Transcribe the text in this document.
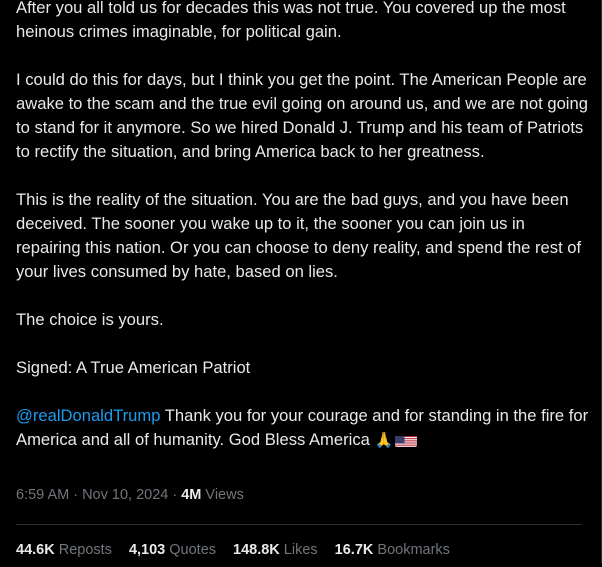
After you all told us for decades this was not true. You covered up the most heinous crimes imaginable, for political gain.

I could do this for days, but I think you get the point. The American People are awake to the scam and the true evil going on around us, and we are not going to stand for it anymore. So we hired Donald J. Trump and his team of Patriots to rectify the situation, and bring America back to her greatness.

This is the reality of the situation. You are the bad guys, and you have been deceived. The sooner you wake up to it, the sooner you can join us in repairing this nation. Or you can choose to deny reality, and spend the rest of your lives consumed by hate, based on lies.

The choice is yours.

Signed: A True American Patriot

@realDonaldTrump Thank you for your courage and for standing in the fire for America and all of humanity. God Bless America 🙏

6:59 AM · Nov 10, 2024 · 4M Views
44.6K Reposts 4,103 Quotes 148.8K Likes 16.7K Bookmarks
